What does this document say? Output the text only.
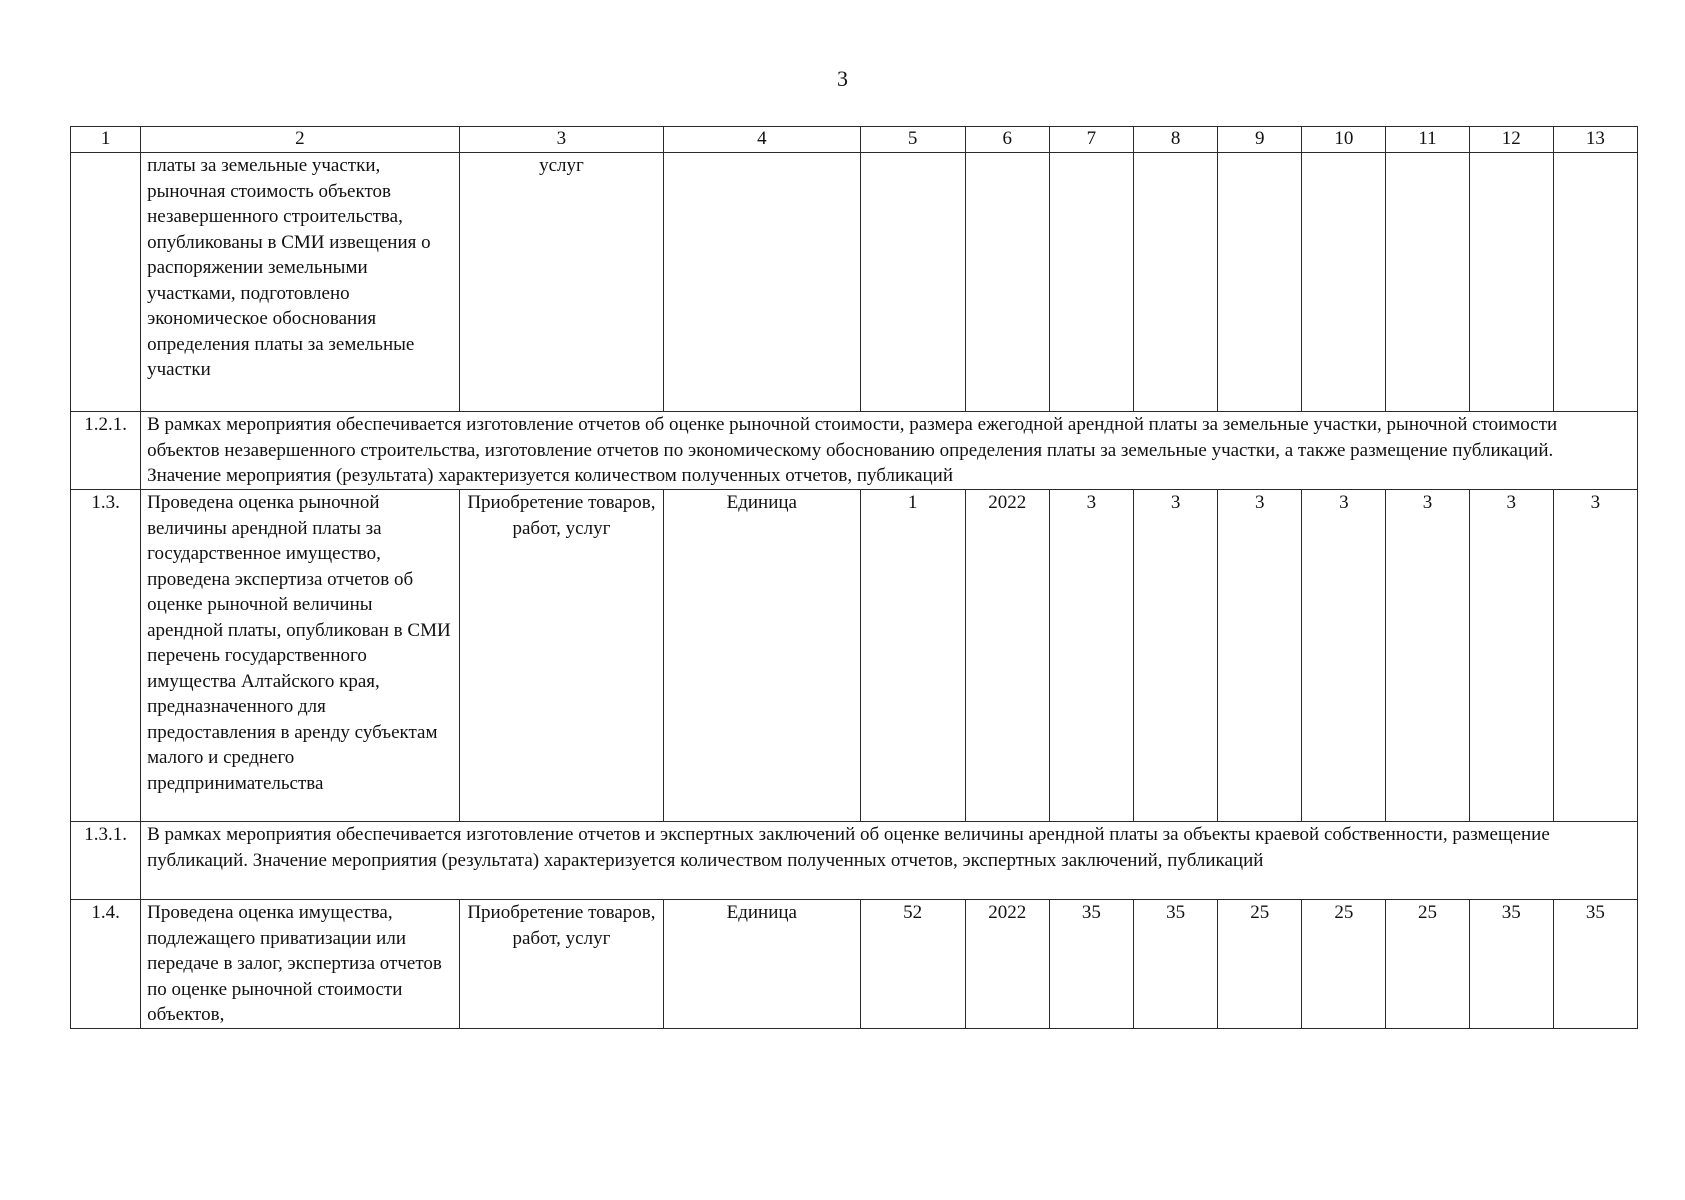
3
1	2	3	4	5	6	7	8	9	10	11	12	13
	платы за земельные участки, рыночная стоимость объектов незавершенного строительства, опубликованы в СМИ извещения о распоряжении земельными участками, подготовлено экономическое обоснования определения платы за земельные участки	услуг										
1.2.1.	В рамках мероприятия обеспечивается изготовление отчетов об оценке рыночной стоимости, размера ежегодной арендной платы за земельные участки, рыночной стоимости объектов незавершенного строительства, изготовление отчетов по экономическому обоснованию определения платы за земельные участки, а также размещение публикаций. Значение мероприятия (результата) характеризуется количеством полученных отчетов, публикаций											
1.3.	Проведена оценка рыночной величины арендной платы за государственное имущество, проведена экспертиза отчетов об оценке рыночной величины арендной платы, опубликован в СМИ перечень государственного имущества Алтайского края, предназначенного для предоставления в аренду субъектам малого и среднего предпринимательства	Приобретение товаров, работ, услуг	Единица	1	2022	3	3	3	3	3	3	3
1.3.1.	В рамках мероприятия обеспечивается изготовление отчетов и экспертных заключений об оценке величины арендной платы за объекты краевой собственности, размещение публикаций. Значение мероприятия (результата) характеризуется количеством полученных отчетов, экспертных заключений, публикаций											
1.4.	Проведена оценка имущества, подлежащего приватизации или передаче в залог, экспертиза отчетов по оценке рыночной стоимости объектов,	Приобретение товаров, работ, услуг	Единица	52	2022	35	35	25	25	25	35	35
